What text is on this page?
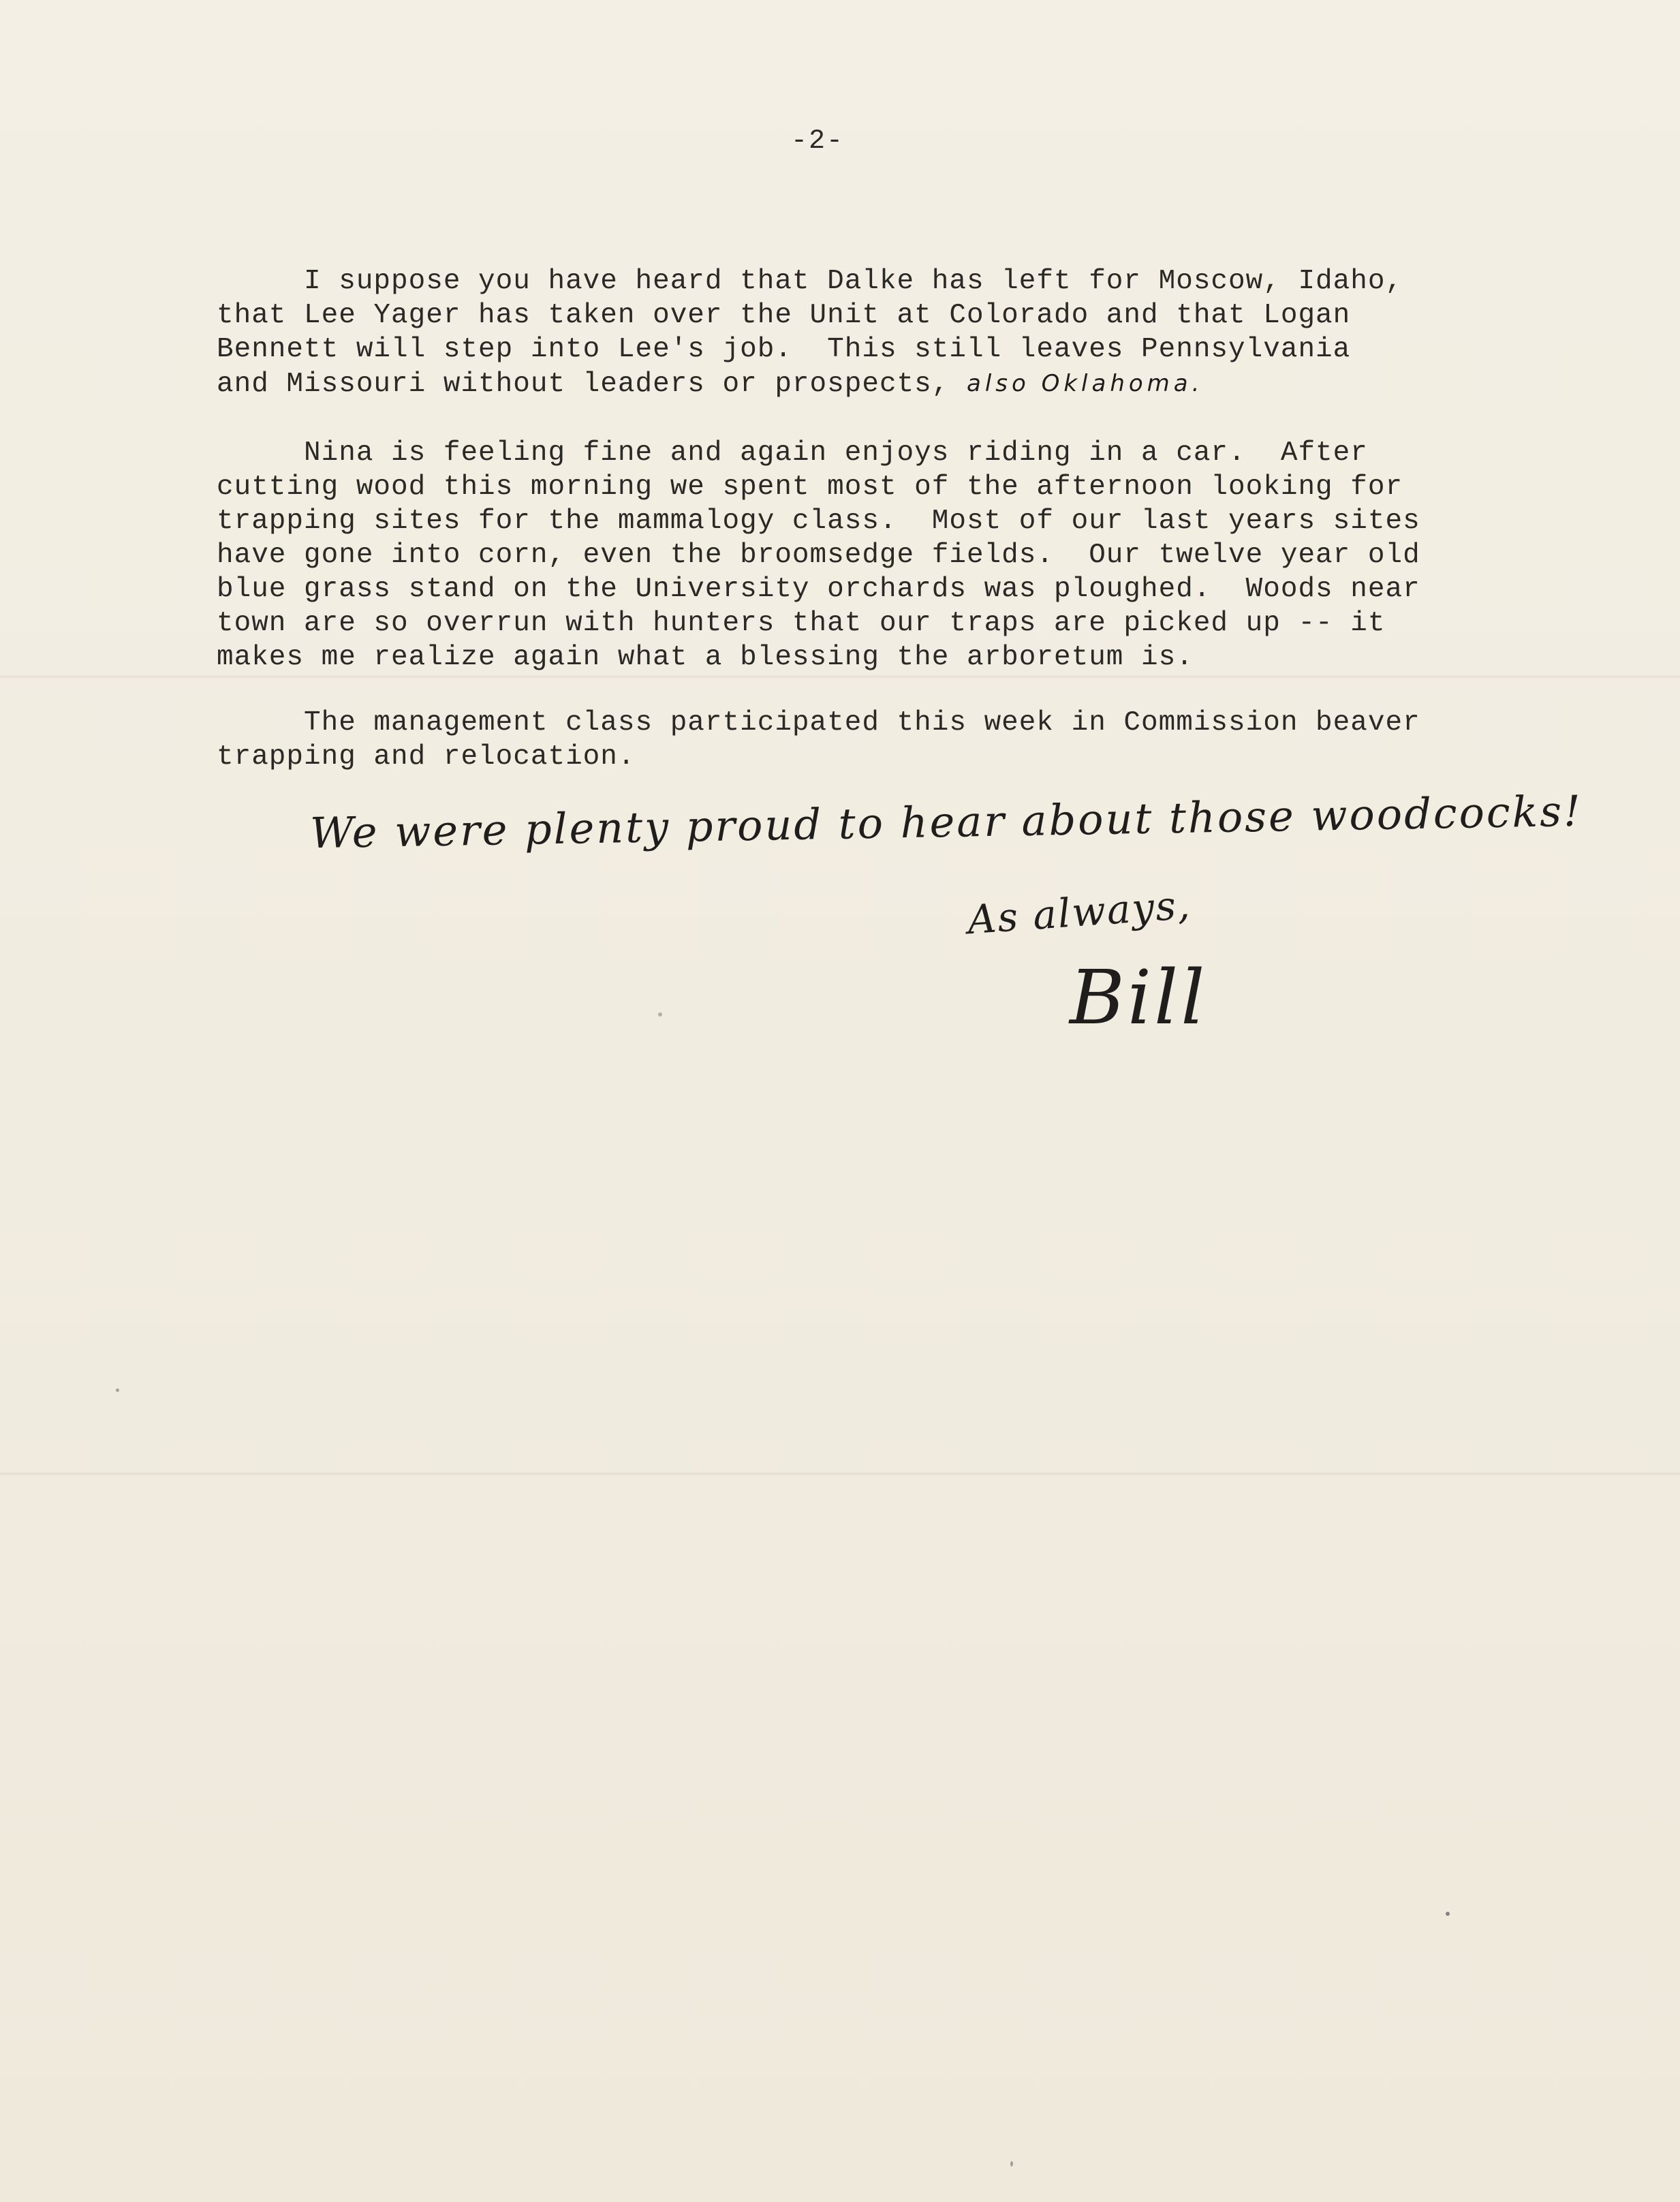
-2-
I suppose you have heard that Dalke has left for Moscow, Idaho,
that Lee Yager has taken over the Unit at Colorado and that Logan
Bennett will step into Lee's job.  This still leaves Pennsylvania
and Missouri without leaders or prospects, also Oklahoma.
Nina is feeling fine and again enjoys riding in a car.  After
cutting wood this morning we spent most of the afternoon looking for
trapping sites for the mammalogy class.  Most of our last years sites
have gone into corn, even the broomsedge fields.  Our twelve year old
blue grass stand on the University orchards was ploughed.  Woods near
town are so overrun with hunters that our traps are picked up -- it
makes me realize again what a blessing the arboretum is.
The management class participated this week in Commission beaver
trapping and relocation.
We were plenty proud to hear about those woodcocks!
As always,
Bill
